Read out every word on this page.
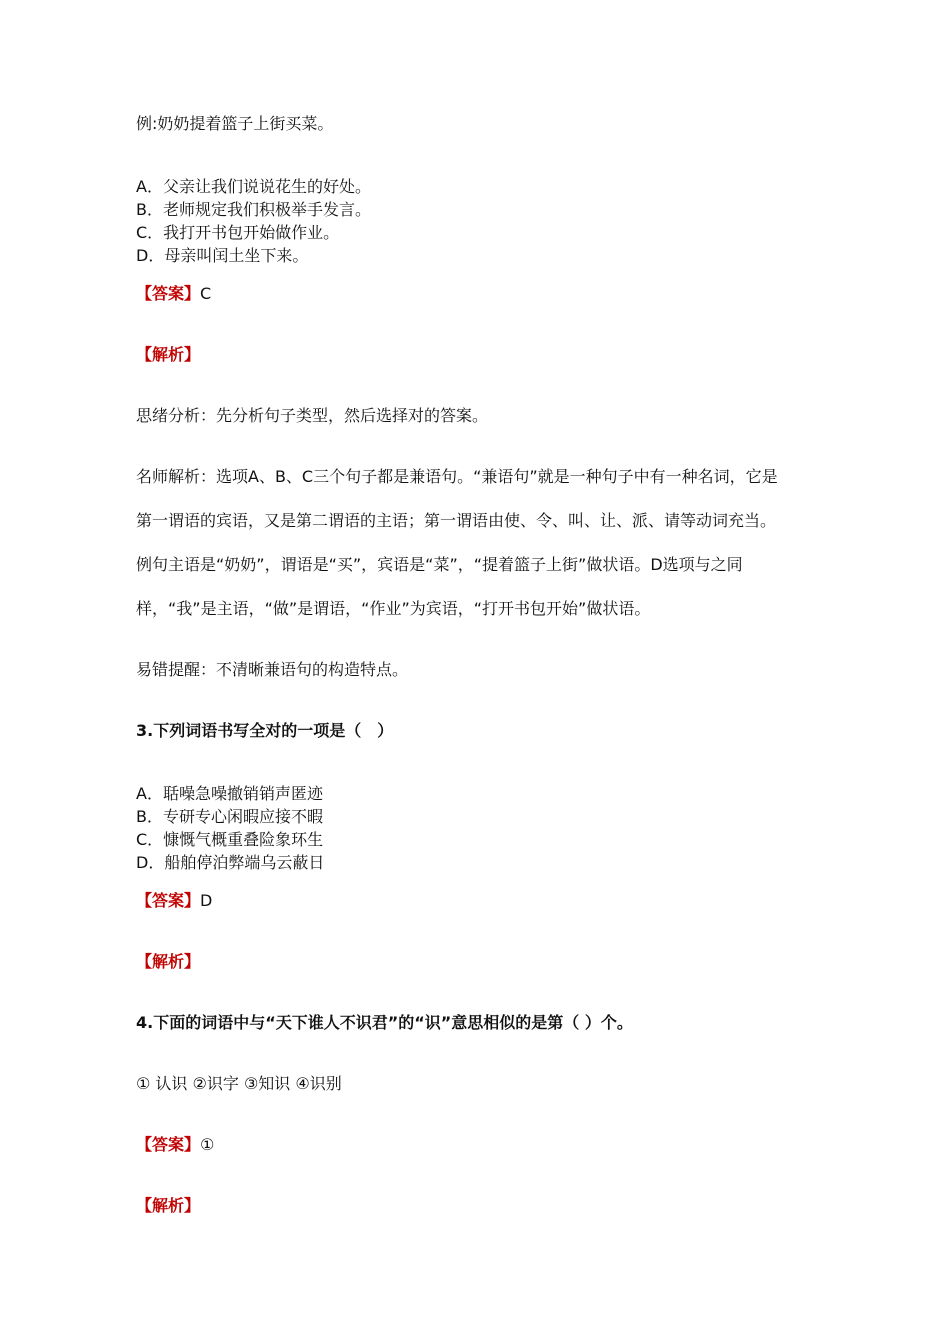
例:奶奶提着篮子上街买菜。
A．父亲让我们说说花生的好处。
B．老师规定我们积极举手发言。
C．我打开书包开始做作业。
D．母亲叫闰土坐下来。
【答案】C
【解析】
思绪分析：先分析句子类型，然后选择对的答案。
名师解析：选项A、B、C三个句子都是兼语句。“兼语句”就是一种句子中有一种名词，它是
第一谓语的宾语，又是第二谓语的主语；第一谓语由使、令、叫、让、派、请等动词充当。
例句主语是“奶奶”，谓语是“买”，宾语是“菜”，“提着篮子上街”做状语。D选项与之同
样，“我”是主语，“做”是谓语，“作业”为宾语，“打开书包开始”做状语。
易错提醒：不清晰兼语句的构造特点。
3.下列词语书写全对的一项是（　）
A．聒噪急噪撤销销声匿迹
B．专研专心闲暇应接不暇
C．慷慨气概重叠险象环生
D．船舶停泊弊端乌云蔽日
【答案】D
【解析】
4.下面的词语中与“天下谁人不识君”的“识”意思相似的是第（ ）个。
① 认识 ②识字 ③知识 ④识别
【答案】①
【解析】
